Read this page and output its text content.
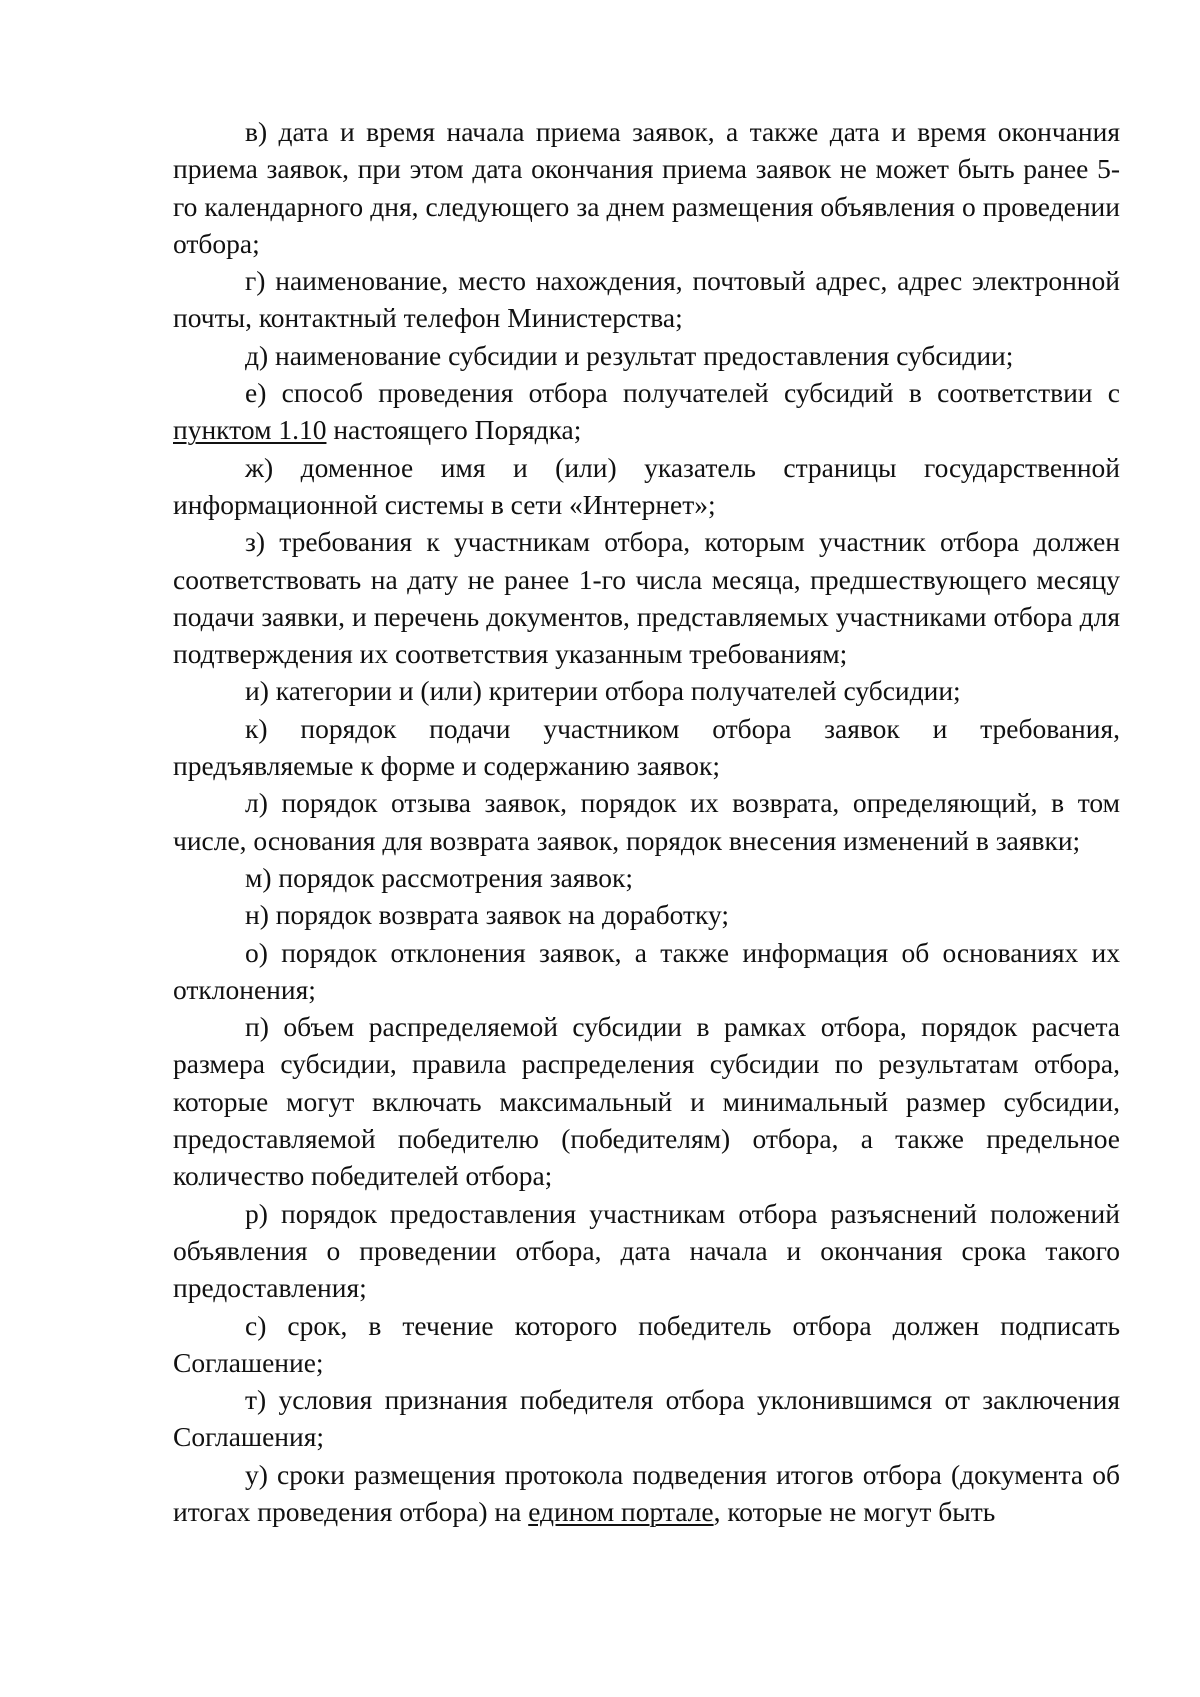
в) дата и время начала приема заявок, а также дата и время окончания приема заявок, при этом дата окончания приема заявок не может быть ранее 5-го календарного дня, следующего за днем размещения объявления о проведении отбора;

г) наименование, место нахождения, почтовый адрес, адрес электронной почты, контактный телефон Министерства;

д) наименование субсидии и результат предоставления субсидии;

е) способ проведения отбора получателей субсидий в соответствии с пунктом 1.10 настоящего Порядка;

ж) доменное имя и (или) указатель страницы государственной информационной системы в сети «Интернет»;

з) требования к участникам отбора, которым участник отбора должен соответствовать на дату не ранее 1-го числа месяца, предшествующего месяцу подачи заявки, и перечень документов, представляемых участниками отбора для подтверждения их соответствия указанным требованиям;

и) категории и (или) критерии отбора получателей субсидии;

к) порядок подачи участником отбора заявок и требования, предъявляемые к форме и содержанию заявок;

л) порядок отзыва заявок, порядок их возврата, определяющий, в том числе, основания для возврата заявок, порядок внесения изменений в заявки;

м) порядок рассмотрения заявок;

н) порядок возврата заявок на доработку;

о) порядок отклонения заявок, а также информация об основаниях их отклонения;

п) объем распределяемой субсидии в рамках отбора, порядок расчета размера субсидии, правила распределения субсидии по результатам отбора, которые могут включать максимальный и минимальный размер субсидии, предоставляемой победителю (победителям) отбора, а также предельное количество победителей отбора;

р) порядок предоставления участникам отбора разъяснений положений объявления о проведении отбора, дата начала и окончания срока такого предоставления;

с) срок, в течение которого победитель отбора должен подписать Соглашение;

т) условия признания победителя отбора уклонившимся от заключения Соглашения;

у) сроки размещения протокола подведения итогов отбора (документа об итогах проведения отбора) на едином портале, которые не могут быть
